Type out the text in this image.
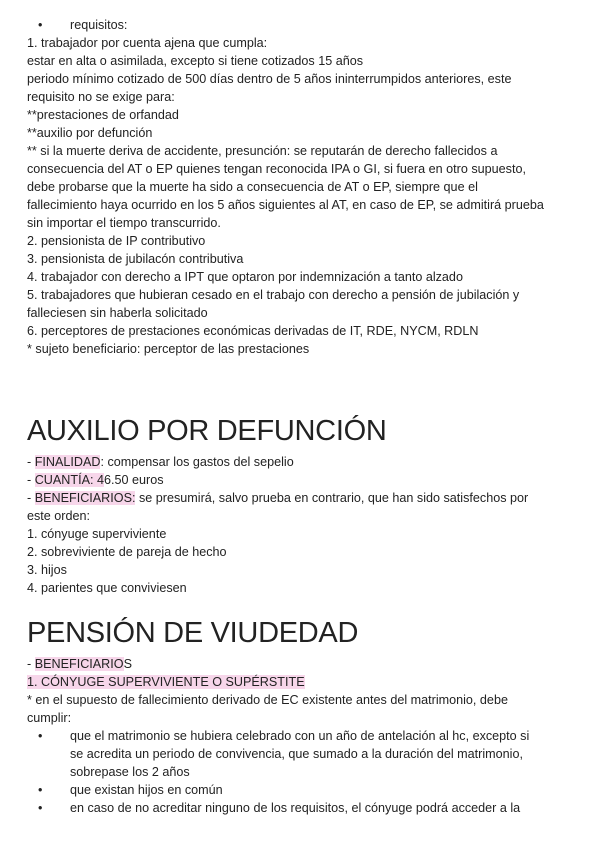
• requisitos:
1. trabajador por cuenta ajena que cumpla:
estar en alta o asimilada, excepto si tiene cotizados 15 años
periodo mínimo cotizado de 500 días dentro de 5 años ininterrumpidos anteriores, este
requisito no se exige para:
**prestaciones de orfandad
**auxilio por defunción
** si la muerte deriva de accidente, presunción: se reputarán de derecho fallecidos a
consecuencia del AT o EP quienes tengan reconocida IPA o GI, si fuera en otro supuesto,
debe probarse que la muerte ha sido a consecuencia de AT o EP, siempre que el
fallecimiento haya ocurrido en los 5 años siguientes al AT, en caso de EP, se admitirá prueba
sin importar el tiempo transcurrido.
2. pensionista de IP contributivo
3. pensionista de jubilacón contributiva
4. trabajador con derecho a IPT que optaron por indemnización a tanto alzado
5. trabajadores que hubieran cesado en el trabajo con derecho a pensión de jubilación y
falleciesen sin haberla solicitado
6. perceptores de prestaciones económicas derivadas de IT, RDE, NYCM, RDLN
* sujeto beneficiario: perceptor de las prestaciones
AUXILIO POR DEFUNCIÓN
- FINALIDAD: compensar los gastos del sepelio
- CUANTÍA: 46.50 euros
- BENEFICIARIOS: se presumirá, salvo prueba en contrario, que han sido satisfechos por
este orden:
1. cónyuge superviviente
2. sobreviviente de pareja de hecho
3. hijos
4. parientes que conviviesen
PENSIÓN DE VIUDEDAD
- BENEFICIARIOS
1. CÓNYUGE SUPERVIVIENTE O SUPÉRSTITE
* en el supuesto de fallecimiento derivado de EC existente antes del matrimonio, debe
cumplir:
• que el matrimonio se hubiera celebrado con un año de antelación al hc, excepto si
se acredita un periodo de convivencia, que sumado a la duración del matrimonio,
sobrepase los 2 años
• que existan hijos en común
• en caso de no acreditar ninguno de los requisitos, el cónyuge podrá acceder a la
